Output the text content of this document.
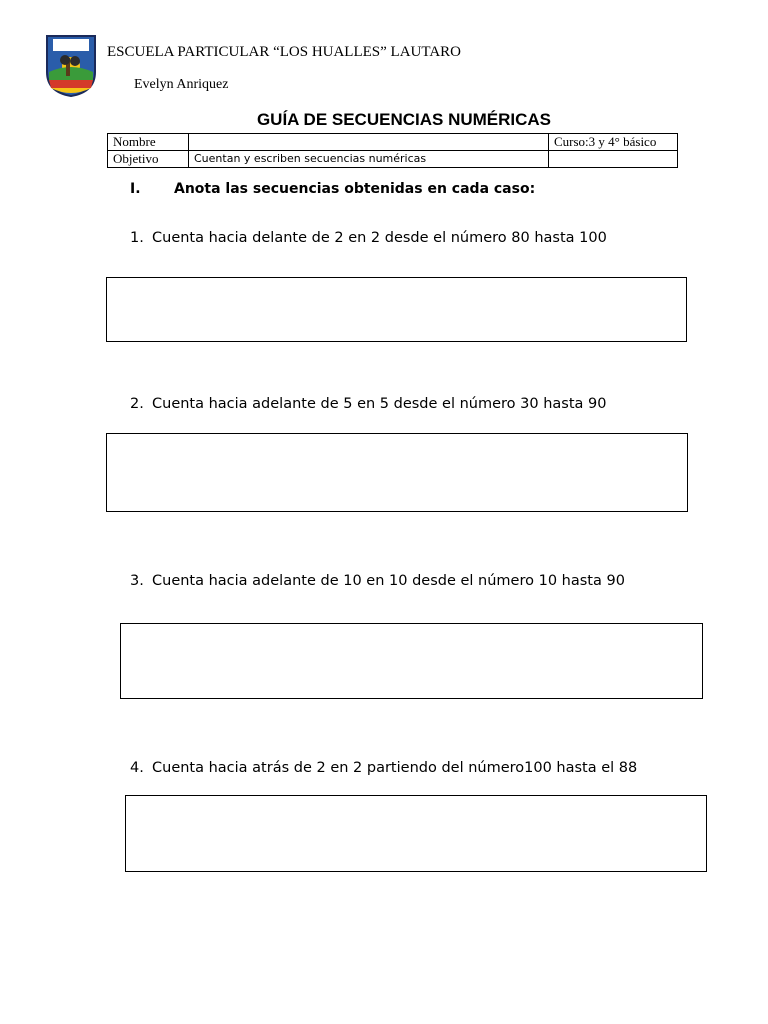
ESCUELA PARTICULAR “LOS HUALLES” LAUTARO
Evelyn Anriquez
GUÍA DE SECUENCIAS NUMÉRICAS
Nombre		Curso:3 y 4° básico
Objetivo	Cuentan y escriben secuencias numéricas	
I. Anota las secuencias obtenidas en cada caso:
1. Cuenta hacia delante de 2 en 2 desde el número 80 hasta 100
2. Cuenta hacia adelante de 5 en 5 desde el número 30 hasta 90
3. Cuenta hacia adelante de 10 en 10 desde el número 10 hasta 90
4. Cuenta hacia atrás de 2 en 2 partiendo del número100 hasta el 88
